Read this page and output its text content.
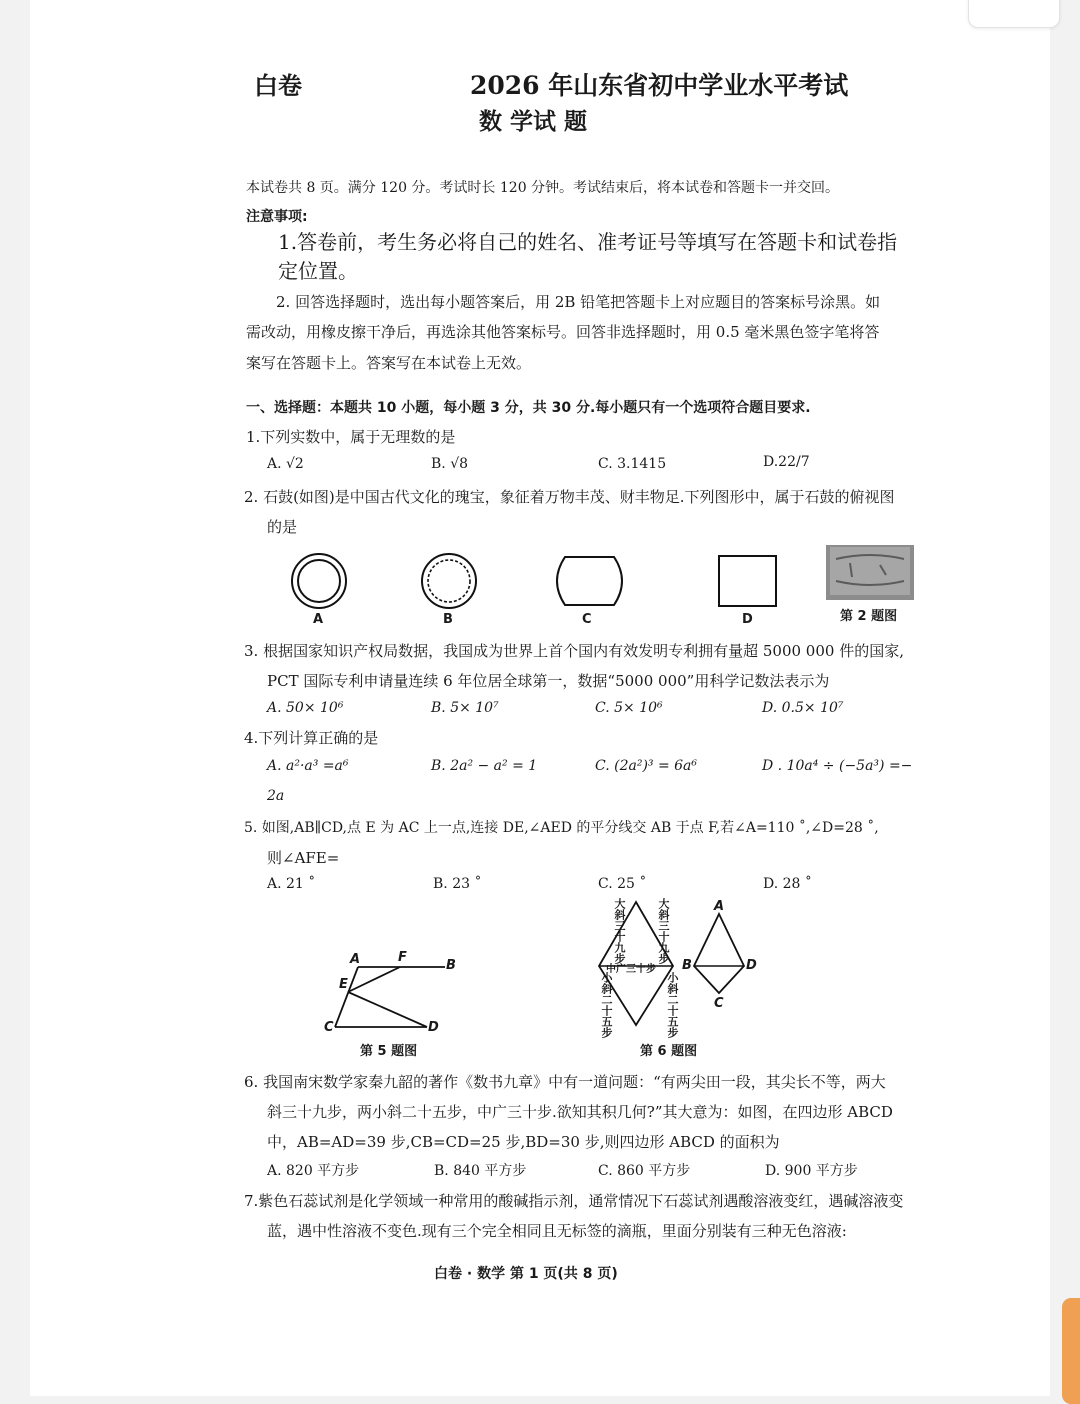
白卷	2026 年山东省初中学业水平考试
数 学试 题
本试卷共 8 页。满分 120 分。考试时长 120 分钟。考试结束后，将本试卷和答题卡一并交回。
注意事项:
1.答卷前，考生务必将自己的姓名、准考证号等填写在答题卡和试卷指
定位置。
2. 回答选择题时，选出每小题答案后，用 2B 铅笔把答题卡上对应题目的答案标号涂黑。如
需改动，用橡皮擦干净后，再选涂其他答案标号。回答非选择题时，用 0.5 毫米黑色签字笔将答
案写在答题卡上。答案写在本试卷上无效。
一、选择题：本题共 10 小题，每小题 3 分，共 30 分.每小题只有一个选项符合题目要求.
1.下列实数中，属于无理数的是
A. √2	B. √8	C. 3.1415	D.22/7
2. 石鼓(如图)是中国古代文化的瑰宝，象征着万物丰茂、财丰物足.下列图形中，属于石鼓的俯视图
的是
A	B	C	D	第 2 题图
3. 根据国家知识产权局数据，我国成为世界上首个国内有效发明专利拥有量超 5000 000 件的国家,
PCT 国际专利申请量连续 6 年位居全球第一，数据“5000 000”用科学记数法表示为
A. 50× 10⁶	B. 5× 10⁷	C. 5× 10⁶	D. 0.5× 10⁷
4.下列计算正确的是
A. a²·a³ =a⁶	B. 2a² − a² = 1	C. (2a²)³ = 6a⁶	D . 10a⁴ ÷ (−5a³) =−
2a
5. 如图,AB∥CD,点 E 为 AC 上一点,连接 DE,∠AED 的平分线交 AB 于点 F,若∠A=110 ˚,∠D=28 ˚,
则∠AFE=
A. 21 ˚	B. 23 ˚	C. 25 ˚	D. 28 ˚
A	F
B
E
C	D
第 5 题图
大斜三十九步	大斜三十九步
小斜二十五步	小斜二十五步
中广三十步
A
B	D
C
第 6 题图
6. 我国南宋数学家秦九韶的著作《数书九章》中有一道问题：“有两尖田一段，其尖长不等，两大
斜三十九步，两小斜二十五步，中广三十步.欲知其积几何?”其大意为：如图，在四边形 ABCD
中，AB=AD=39 步,CB=CD=25 步,BD=30 步,则四边形 ABCD 的面积为
A. 820 平方步	B. 840 平方步	C. 860 平方步	D. 900 平方步
7.紫色石蕊试剂是化学领域一种常用的酸碱指示剂，通常情况下石蕊试剂遇酸溶液变红，遇碱溶液变
蓝，遇中性溶液不变色.现有三个完全相同且无标签的滴瓶，里面分别装有三种无色溶液:
白卷 · 数学 第 1 页(共 8 页)
